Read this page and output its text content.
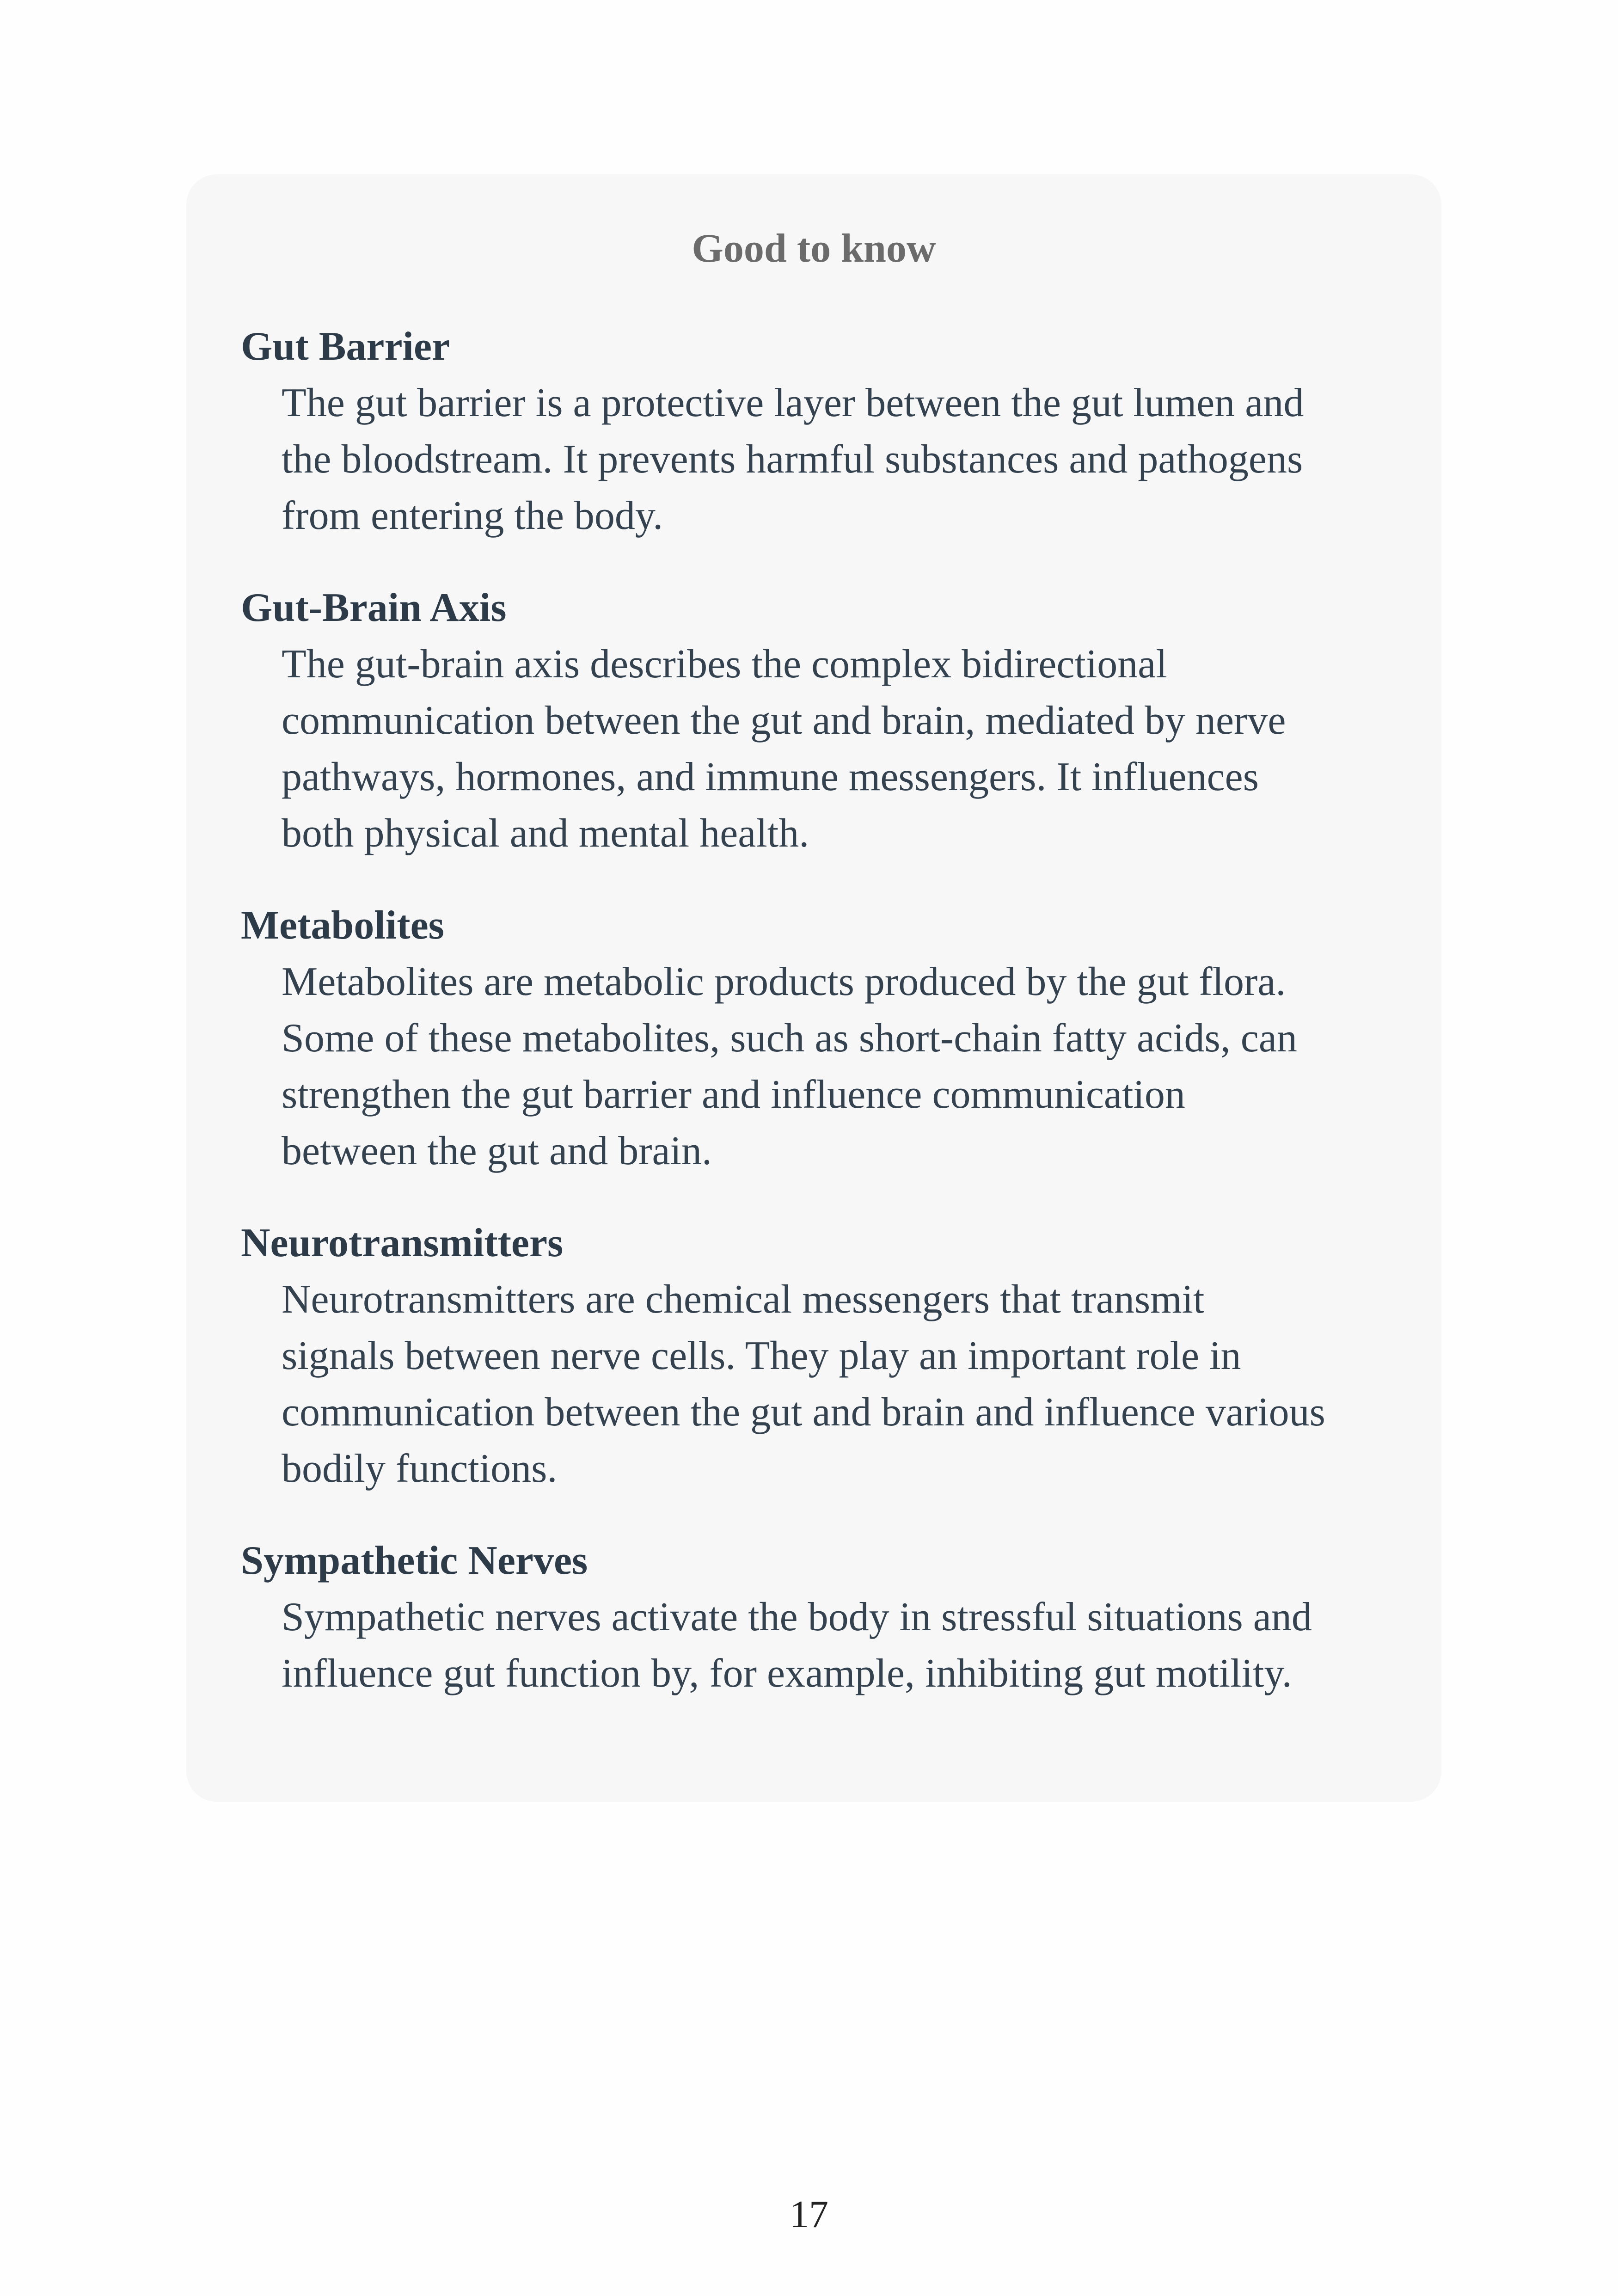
Good to know
Gut Barrier
The gut barrier is a protective layer between the gut lumen and
the bloodstream. It prevents harmful substances and pathogens
from entering the body.
Gut-Brain Axis
The gut-brain axis describes the complex bidirectional
communication between the gut and brain, mediated by nerve
pathways, hormones, and immune messengers. It influences
both physical and mental health.
Metabolites
Metabolites are metabolic products produced by the gut flora.
Some of these metabolites, such as short-chain fatty acids, can
strengthen the gut barrier and influence communication
between the gut and brain.
Neurotransmitters
Neurotransmitters are chemical messengers that transmit
signals between nerve cells. They play an important role in
communication between the gut and brain and influence various
bodily functions.
Sympathetic Nerves
Sympathetic nerves activate the body in stressful situations and
influence gut function by, for example, inhibiting gut motility.
17
